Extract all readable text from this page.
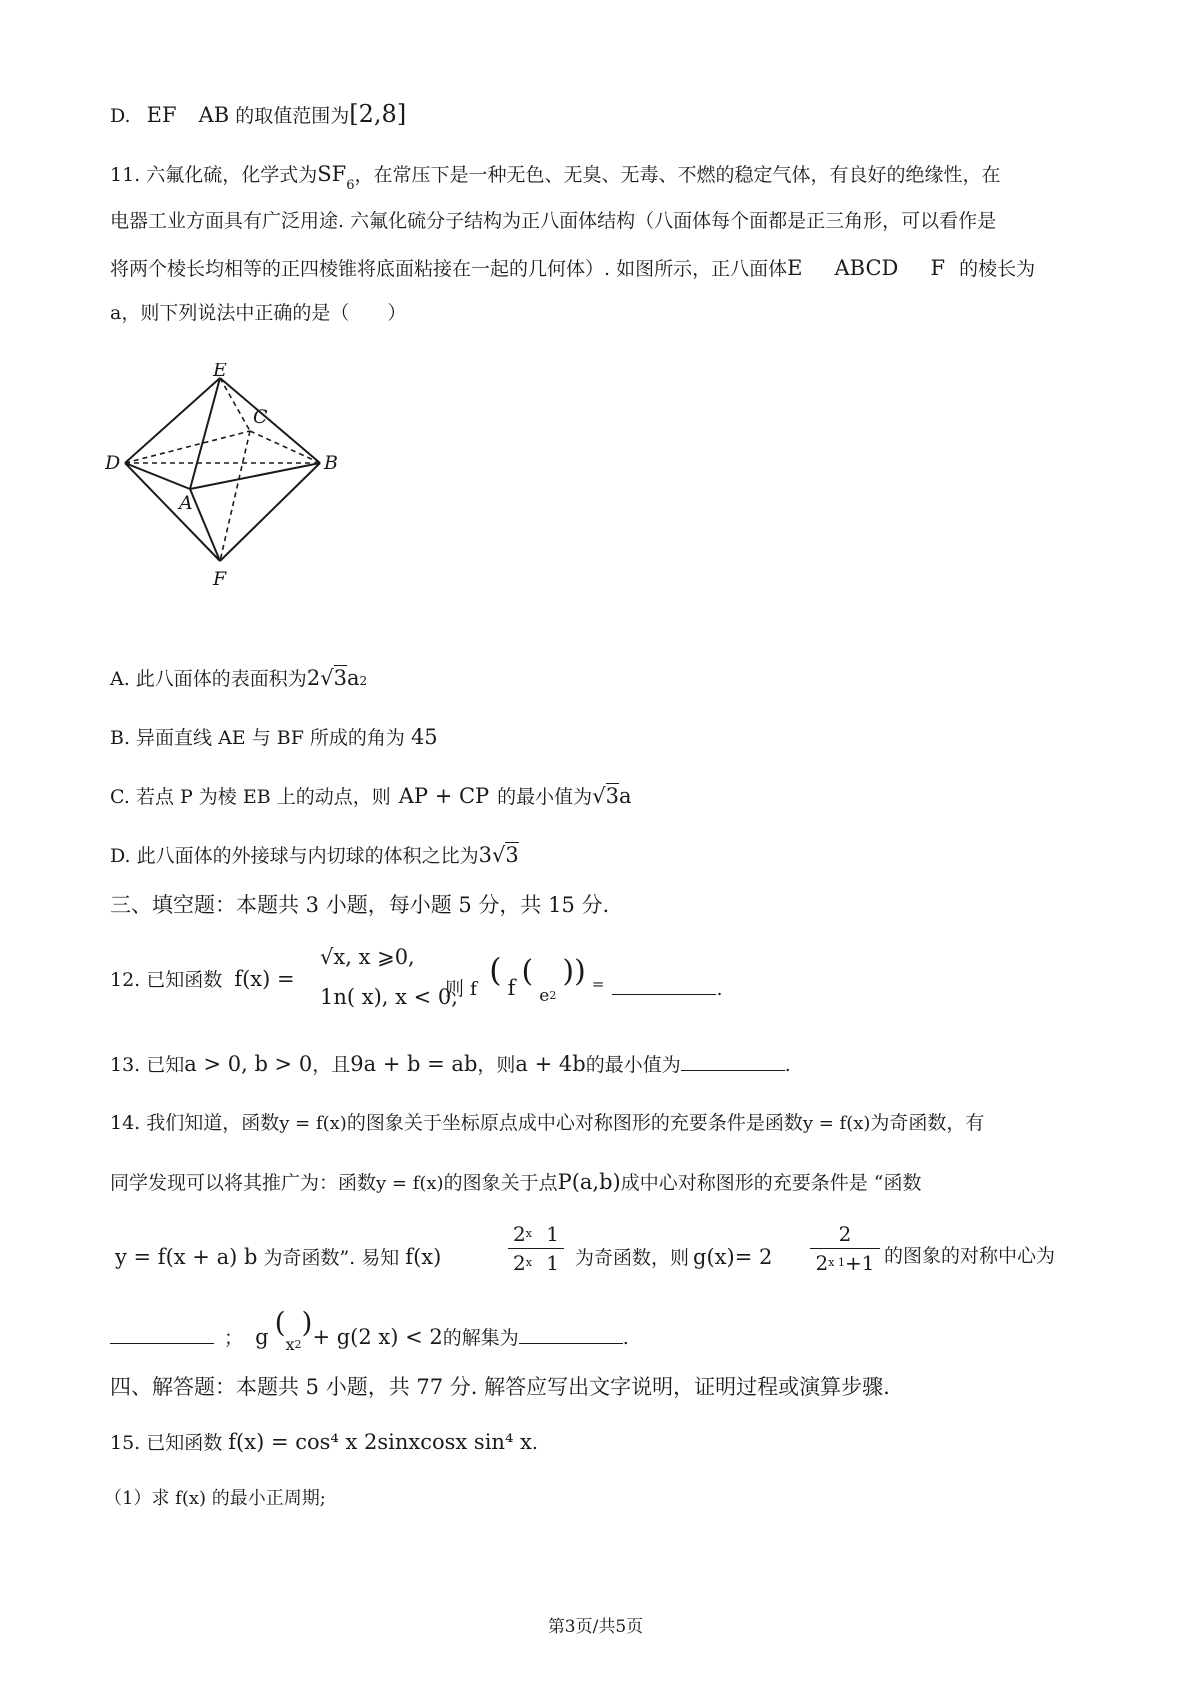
D. EF AB 的取值范围为[2,8]
11. 六氟化硫，化学式为$SF_6$，在常压下是一种无色、无臭、无毒、不燃的稳定气体，有良好的绝缘性，在
电器工业方面具有广泛用途. 六氟化硫分子结构为正八面体结构（八面体每个面都是正三角形，可以看作是
将两个棱长均相等的正四棱锥将底面粘接在一起的几何体）. 如图所示，正八面体E ABCD F 的棱长为
a，则下列说法中正确的是（　　）
E
C
D	B
A
F
A. 此八面体的表面积为2√3a2
B. 异面直线 AE 与 BF 所成的角为 45
C. 若点 P 为棱 EB 上的动点，则 AP + CP 的最小值为√3a
D. 此八面体的外接球与内切球的体积之比为3√3
三、填空题：本题共 3 小题，每小题 5 分，共 15 分.
12. 已知函数 f(x) =
√x, x ⩾0,
1n( x), x < 0,
则 f ( f ( $e_2$ )) =	.
13. 已知a > 0, b > 0，且9a + b = ab，则a + 4b的最小值为	.
14. 我们知道，函数y = f(x)的图象关于坐标原点成中心对称图形的充要条件是函数y = f(x)为奇函数，有
同学发现可以将其推广为：函数y = f(x)的图象关于点P(a,b)成中心对称图形的充要条件是 “函数
y = f(x + a) b 为奇函数”. 易知 f(x)	$\frac{2^x 1}{2^x 1}$ 为奇函数，则 $g(x)= 2 \frac{2}{2^{x 1}+1}$ 的图象的对称中心为
； g $(_{x2})+ g(2$ x) < 2的解集为	.
四、解答题：本题共 5 小题，共 77 分. 解答应写出文字说明，证明过程或演算步骤.
15. 已知函数 f(x) = cos⁴ x 2sinxcosx sin⁴ x.
（1）求 f(x) 的最小正周期;
第3页/共5页
